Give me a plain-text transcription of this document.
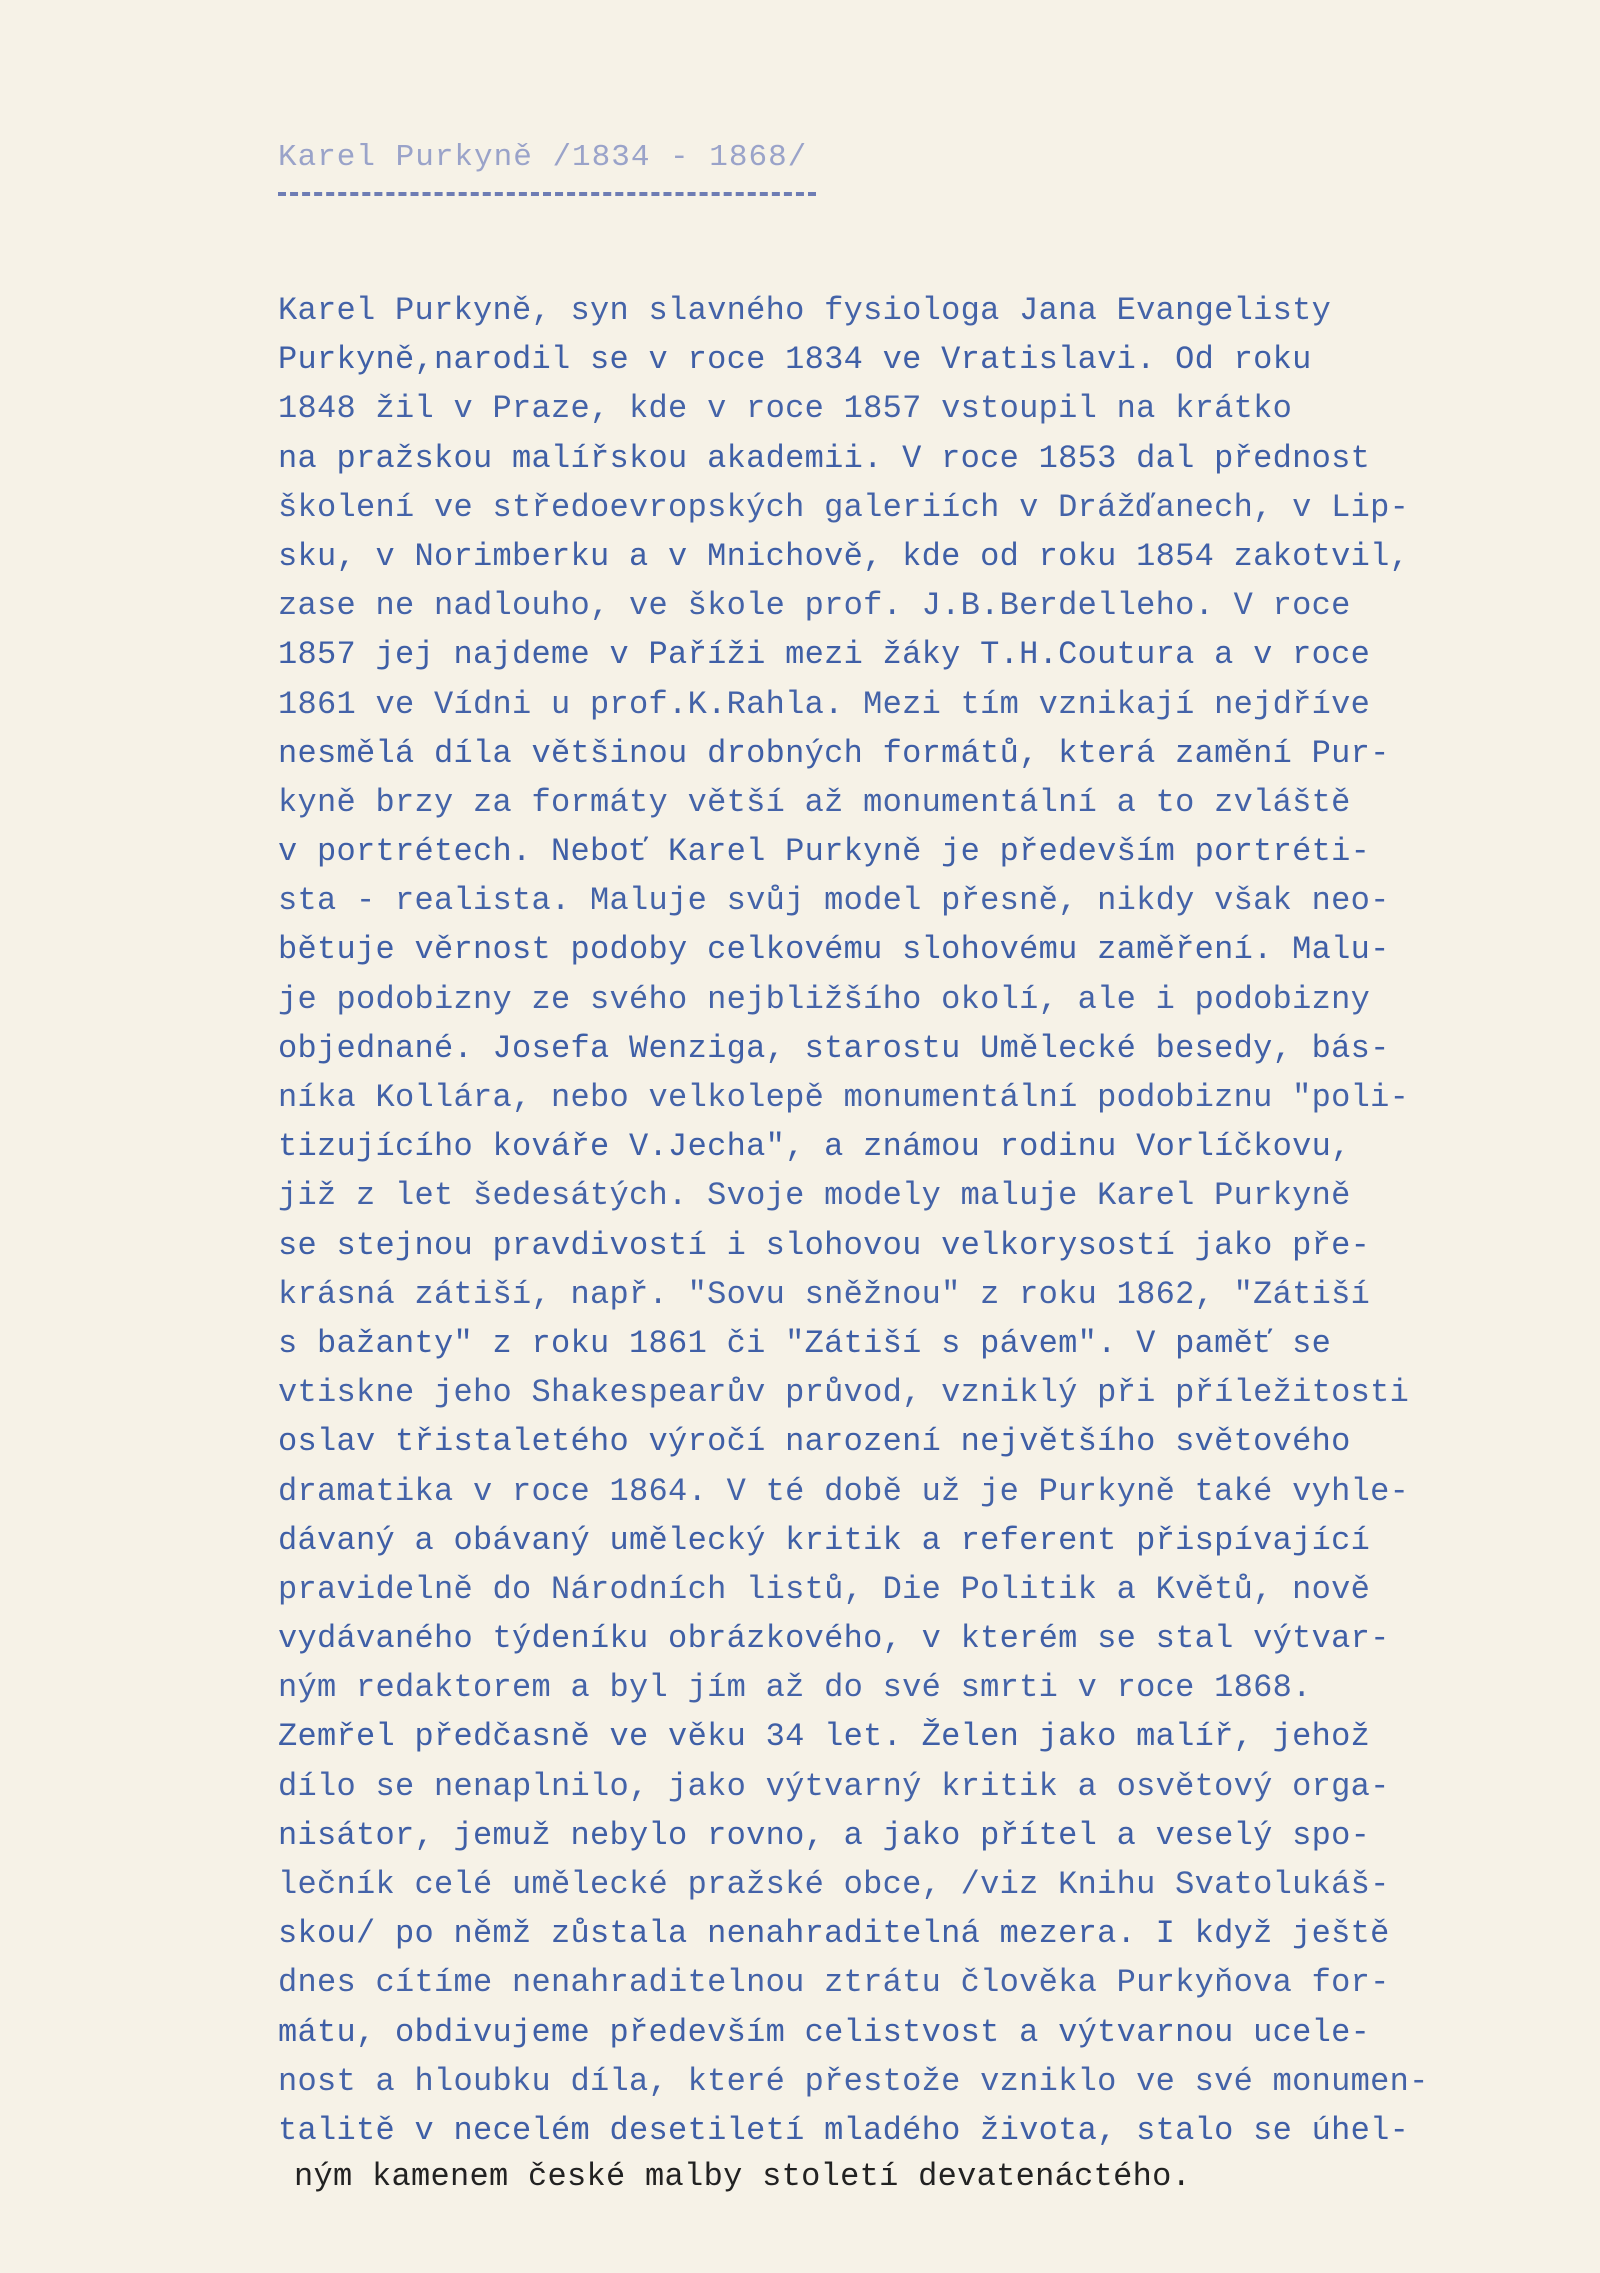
Karel Purkyně /1834 - 1868/
Karel Purkyně, syn slavného fysiologa Jana Evangelisty
Purkyně,narodil se v roce 1834 ve Vratislavi. Od roku
1848 žil v Praze, kde v roce 1857 vstoupil na krátko
na pražskou malířskou akademii. V roce 1853 dal přednost
školení ve středoevropských galeriích v Drážďanech, v Lip-
sku, v Norimberku a v Mnichově, kde od roku 1854 zakotvil,
zase ne nadlouho, ve škole prof. J.B.Berdelleho. V roce
1857 jej najdeme v Paříži mezi žáky T.H.Coutura a v roce
1861 ve Vídni u prof.K.Rahla. Mezi tím vznikají nejdříve
nesmělá díla většinou drobných formátů, která zamění Pur-
kyně brzy za formáty větší až monumentální a to zvláště
v portrétech. Neboť Karel Purkyně je především portréti-
sta - realista. Maluje svůj model přesně, nikdy však neo-
bětuje věrnost podoby celkovému slohovému zaměření. Malu-
je podobizny ze svého nejbližšího okolí, ale i podobizny
objednané. Josefa Wenziga, starostu Umělecké besedy, bás-
níka Kollára, nebo velkolepě monumentální podobiznu "poli-
tizujícího kováře V.Jecha", a známou rodinu Vorlíčkovu,
již z let šedesátých. Svoje modely maluje Karel Purkyně
se stejnou pravdivostí i slohovou velkorysostí jako pře-
krásná zátiší, např. "Sovu sněžnou" z roku 1862, "Zátiší
s bažanty" z roku 1861 či "Zátiší s pávem". V paměť se
vtiskne jeho Shakespearův průvod, vzniklý při příležitosti
oslav třistaletého výročí narození největšího světového
dramatika v roce 1864. V té době už je Purkyně také vyhle-
dávaný a obávaný umělecký kritik a referent přispívající
pravidelně do Národních listů, Die Politik a Květů, nově
vydávaného týdeníku obrázkového, v kterém se stal výtvar-
ným redaktorem a byl jím až do své smrti v roce 1868.
Zemřel předčasně ve věku 34 let. Želen jako malíř, jehož
dílo se nenaplnilo, jako výtvarný kritik a osvětový orga-
nisátor, jemuž nebylo rovno, a jako přítel a veselý spo-
lečník celé umělecké pražské obce, /viz Knihu Svatolukáš-
skou/ po němž zůstala nenahraditelná mezera. I když ještě
dnes cítíme nenahraditelnou ztrátu člověka Purkyňova for-
mátu, obdivujeme především celistvost a výtvarnou ucele-
nost a hloubku díla, které přestože vzniklo ve své monumen-
talitě v necelém desetiletí mladého života, stalo se úhel-
ným kamenem české malby století devatenáctého.
